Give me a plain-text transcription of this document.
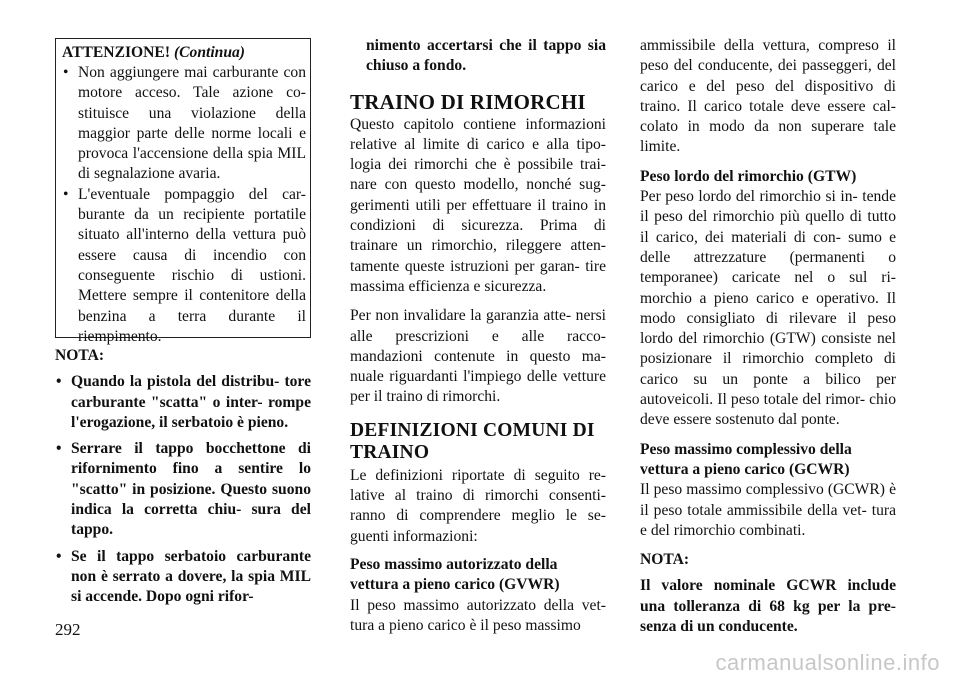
ATTENZIONE! (Continua)
• Non aggiungere mai carburante con motore acceso. Tale azione co- stituisce una violazione della maggior parte delle norme locali e provoca l'accensione della spia MIL di segnalazione avaria.
• L'eventuale pompaggio del car- burante da un recipiente portatile situato all'interno della vettura può essere causa di incendio con conseguente rischio di ustioni. Mettere sempre il contenitore della benzina a terra durante il riempimento.

NOTA:

• Quando la pistola del distribu- tore carburante "scatta" o inter- rompe l'erogazione, il serbatoio è pieno.
• Serrare il tappo bocchettone di rifornimento fino a sentire lo "scatto" in posizione. Questo suono indica la corretta chiu- sura del tappo.
• Se il tappo serbatoio carburante non è serrato a dovere, la spia MIL si accende. Dopo ogni rifor-

nimento accertarsi che il tappo sia chiuso a fondo.

TRAINO DI RIMORCHI

Questo capitolo contiene informazioni relative al limite di carico e alla tipo- logia dei rimorchi che è possibile trai- nare con questo modello, nonché sug- gerimenti utili per effettuare il traino in condizioni di sicurezza. Prima di trainare un rimorchio, rileggere atten- tamente queste istruzioni per garan- tire massima efficienza e sicurezza.

Per non invalidare la garanzia atte- nersi alle prescrizioni e alle racco- mandazioni contenute in questo ma- nuale riguardanti l'impiego delle vetture per il traino di rimorchi.

DEFINIZIONI COMUNI DI TRAINO

Le definizioni riportate di seguito re- lative al traino di rimorchi consenti- ranno di comprendere meglio le se- guenti informazioni:

Peso massimo autorizzato della vettura a pieno carico (GVWR)

Il peso massimo autorizzato della vet- tura a pieno carico è il peso massimo

ammissibile della vettura, compreso il peso del conducente, dei passeggeri, del carico e del peso del dispositivo di traino. Il carico totale deve essere cal- colato in modo da non superare tale limite.

Peso lordo del rimorchio (GTW)

Per peso lordo del rimorchio si in- tende il peso del rimorchio più quello di tutto il carico, dei materiali di con- sumo e delle attrezzature (permanenti o temporanee) caricate nel o sul ri- morchio a pieno carico e operativo. Il modo consigliato di rilevare il peso lordo del rimorchio (GTW) consiste nel posizionare il rimorchio completo di carico su un ponte a bilico per autoveicoli. Il peso totale del rimor- chio deve essere sostenuto dal ponte.

Peso massimo complessivo della vettura a pieno carico (GCWR)

Il peso massimo complessivo (GCWR) è il peso totale ammissibile della vet- tura e del rimorchio combinati.

NOTA:

Il valore nominale GCWR include una tolleranza di 68 kg per la pre- senza di un conducente.

292
carmanualsonline.info
